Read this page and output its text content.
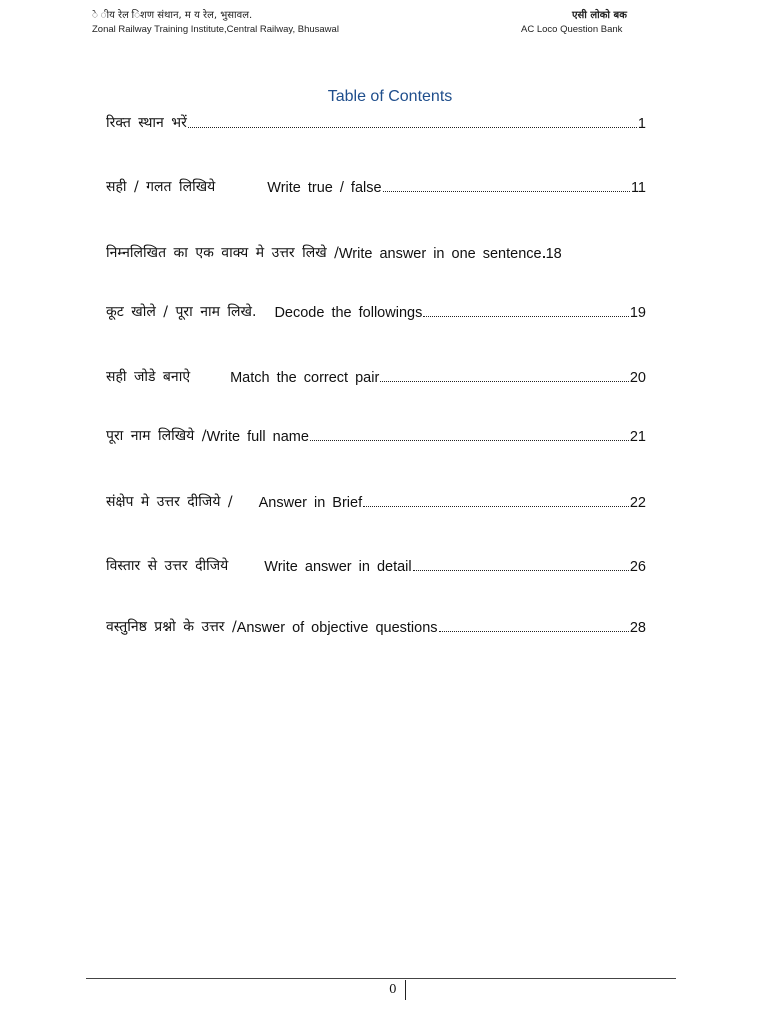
े ीय रेल िशण संथान, म य रेल, भुसावल.
Zonal Railway Training Institute,Central Railway, Bhusawal
एसी लोको बक
AC Loco Question Bank
Table of Contents
रिक्त स्थान भरें	1
सही / गलत लिखिये	Write true / false	11
निम्नलिखित का एक वाक्य मे उत्तर लिखे / Write answer in one sentence 18
कूट खोले / पूरा नाम लिखे. Decode the followings	19
सही जोडे बनाऐ	Match the correct pair	20
पूरा नाम लिखिये / Write full name	21
संक्षेप मे उत्तर दीजिये / Answer in Brief	22
विस्तार से उत्तर दीजिये Write answer in detail	26
वस्तुनिष्ठ प्रश्नो के उत्तर / Answer of objective questions	28
0
